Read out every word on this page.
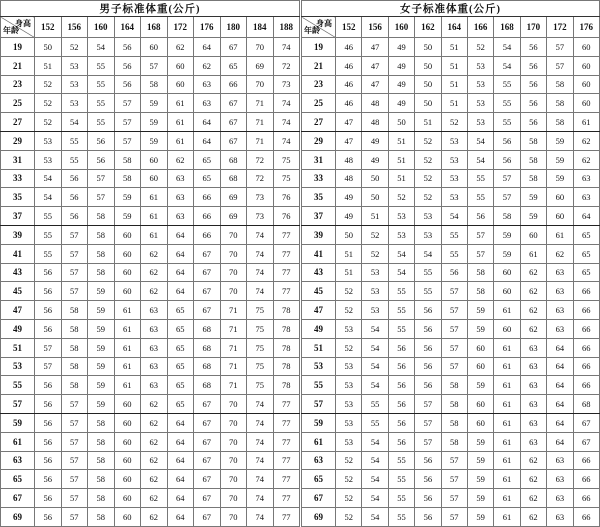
男子标准体重(公斤)										

身高
年龄	152	156	160	164	168	172	176	180	184	188
19	50	52	54	56	60	62	64	67	70	74
21	51	53	55	56	57	60	62	65	69	72
23	52	53	55	56	58	60	63	66	70	73
25	52	53	55	57	59	61	63	67	71	74
27	52	54	55	57	59	61	64	67	71	74
29	53	55	56	57	59	61	64	67	71	74
31	53	55	56	58	60	62	65	68	72	75
33	54	56	57	58	60	63	65	68	72	75
35	54	56	57	59	61	63	66	69	73	76
37	55	56	58	59	61	63	66	69	73	76
39	55	57	58	60	61	64	66	70	74	77
41	55	57	58	60	62	64	67	70	74	77
43	56	57	58	60	62	64	67	70	74	77
45	56	57	59	60	62	64	67	70	74	77
47	56	58	59	61	63	65	67	71	75	78
49	56	58	59	61	63	65	68	71	75	78
51	57	58	59	61	63	65	68	71	75	78
53	57	58	59	61	63	65	68	71	75	78
55	56	58	59	61	63	65	68	71	75	78
57	56	57	59	60	62	65	67	70	74	77
59	56	57	58	60	62	64	67	70	74	77
61	56	57	58	60	62	64	67	70	74	77
63	56	57	58	60	62	64	67	70	74	77
65	56	57	58	60	62	64	67	70	74	77
67	56	57	58	60	62	64	67	70	74	77
69	56	57	58	60	62	64	67	70	74	77
女子标准体重(公斤)										

身高
年龄	152	156	160	162	164	166	168	170	172	176
19	46	47	49	50	51	52	54	56	57	60
21	46	47	49	50	51	53	54	56	57	60
23	46	47	49	50	51	53	55	56	58	60
25	46	48	49	50	51	53	55	56	58	60
27	47	48	50	51	52	53	55	56	58	61
29	47	49	51	52	53	54	56	58	59	62
31	48	49	51	52	53	54	56	58	59	62
33	48	50	51	52	53	55	57	58	59	63
35	49	50	52	52	53	55	57	59	60	63
37	49	51	53	53	54	56	58	59	60	64
39	50	52	53	53	55	57	59	60	61	65
41	51	52	54	54	55	57	59	61	62	65
43	51	53	54	55	56	58	60	62	63	65
45	52	53	55	55	57	58	60	62	63	66
47	52	53	55	56	57	59	61	62	63	66
49	53	54	55	56	57	59	60	62	63	66
51	52	54	56	56	57	60	61	63	64	66
53	53	54	56	56	57	60	61	63	64	66
55	53	54	56	56	58	59	61	63	64	66
57	53	55	56	57	58	60	61	63	64	68
59	53	55	56	57	58	60	61	63	64	67
61	53	54	56	57	58	59	61	63	64	67
63	52	54	55	56	57	59	61	62	63	66
65	52	54	55	56	57	59	61	62	63	66
67	52	54	55	56	57	59	61	62	63	66
69	52	54	55	56	57	59	61	62	63	66
